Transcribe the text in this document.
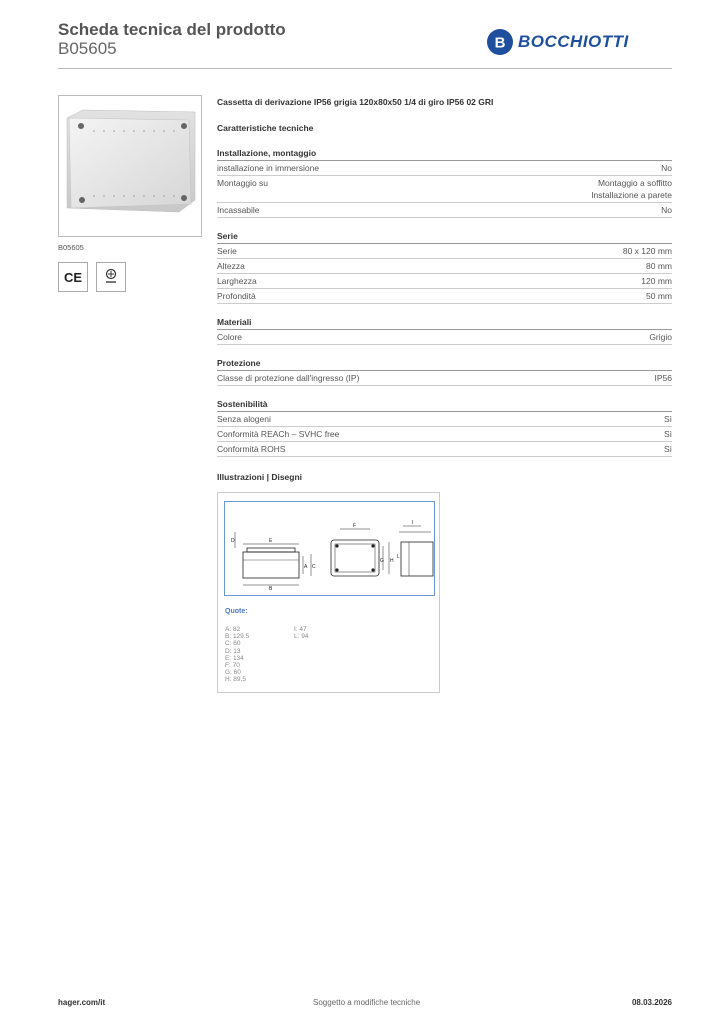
Scheda tecnica del prodotto
B05605	B BOCCHIOTTI
B05605
CE
Cassetta di derivazione IP56 grigia 120x80x50 1/4 di giro IP56 02 GRI
Caratteristiche tecniche
Installazione, montaggio
installazione in immersione	No
Montaggio su	Montaggio a soffitto
Installazione a parete
Incassabile	No
Serie
Serie	80 x 120 mm
Altezza	80 mm
Larghezza	120 mm
Profondità	50 mm
Materiali
Colore	Grigio
Protezione
Classe di protezione dall'ingresso (IP)	IP56
Sostenibilità
Senza alogeni	Sì
Conformità REACh – SVHC free	Sì
Conformità ROHS	Sì
Illustrazioni | Disegni
D	E
A C
B
F
G H
I
L
Quote:
A: 82
B: 129.5
C: 60
D: 13
E: 134
F: 70
G: 60
H: 89.5
I: 47
L: 94
hager.com/it	Soggetto a modifiche tecniche	08.03.2026
